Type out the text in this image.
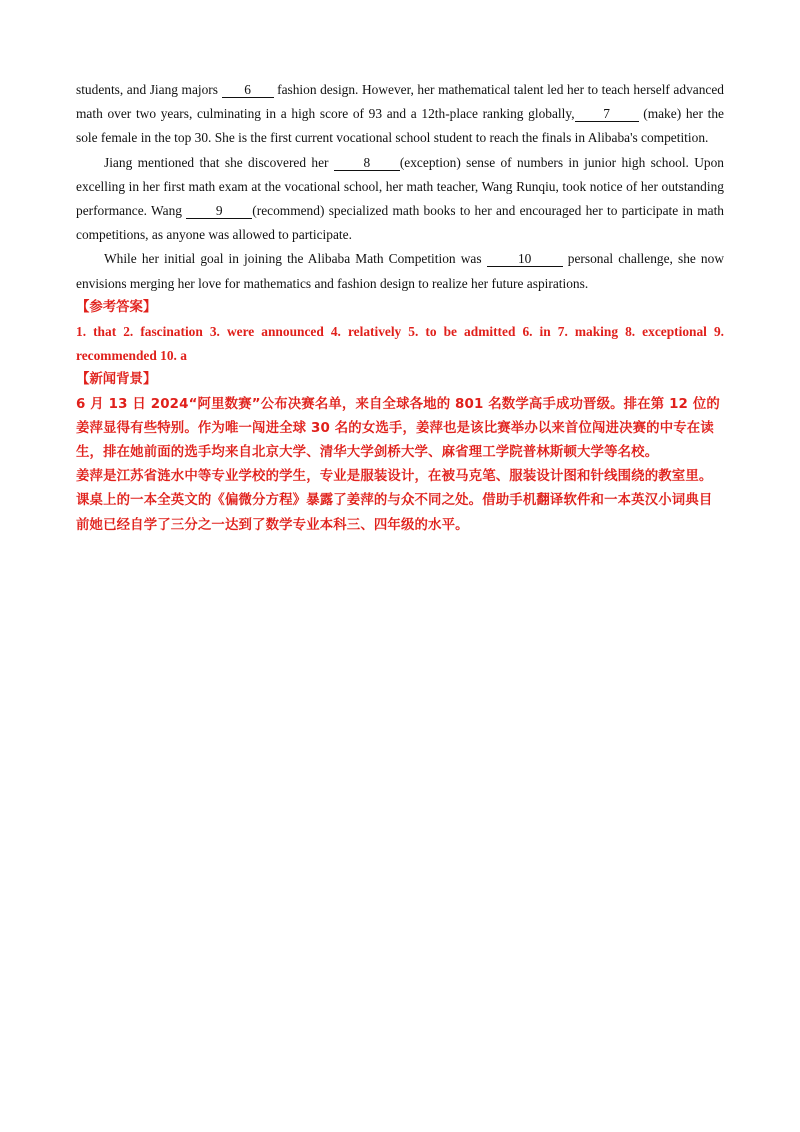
students, and Jiang majors 6 fashion design. However, her mathematical talent led her to teach herself advanced math over two years, culminating in a high score of 93 and a 12th-place ranking globally, 7 (make) her the sole female in the top 30. She is the first current vocational school student to reach the finals in Alibaba's competition.

Jiang mentioned that she discovered her	8 (exception) sense of numbers in junior high school. Upon excelling in her first math exam at the vocational school, her math teacher, Wang Runqiu, took notice of her outstanding performance. Wang	9 (recommend) specialized math books to her and encouraged her to participate in math competitions, as anyone was allowed to participate.

While her initial goal in joining the Alibaba Math Competition was	10	personal challenge, she now envisions merging her love for mathematics and fashion design to realize her future aspirations.

【参考答案】

1. that 2. fascination 3. were announced 4. relatively 5. to be admitted 6. in 7. making 8. exceptional 9. recommended 10. a

【新闻背景】

6 月 13 日 2024“阿里数赛”公布决赛名单，来自全球各地的 801 名数学高手成功晋级。排在第 12 位的姜萍显得有些特别。作为唯一闯进全球 30 名的女选手，姜萍也是该比赛举办以来首位闯进决赛的中专在读生，排在她前面的选手均来自北京大学、清华大学剑桥大学、麻省理工学院普林斯顿大学等名校。

姜萍是江苏省涟水中等专业学校的学生，专业是服装设计，在被马克笔、服装设计图和针线围绕的教室里。课桌上的一本全英文的《偏微分方程》暴露了姜萍的与众不同之处。借助手机翻译软件和一本英汉小词典目前她已经自学了三分之一达到了数学专业本科三、四年级的水平。
